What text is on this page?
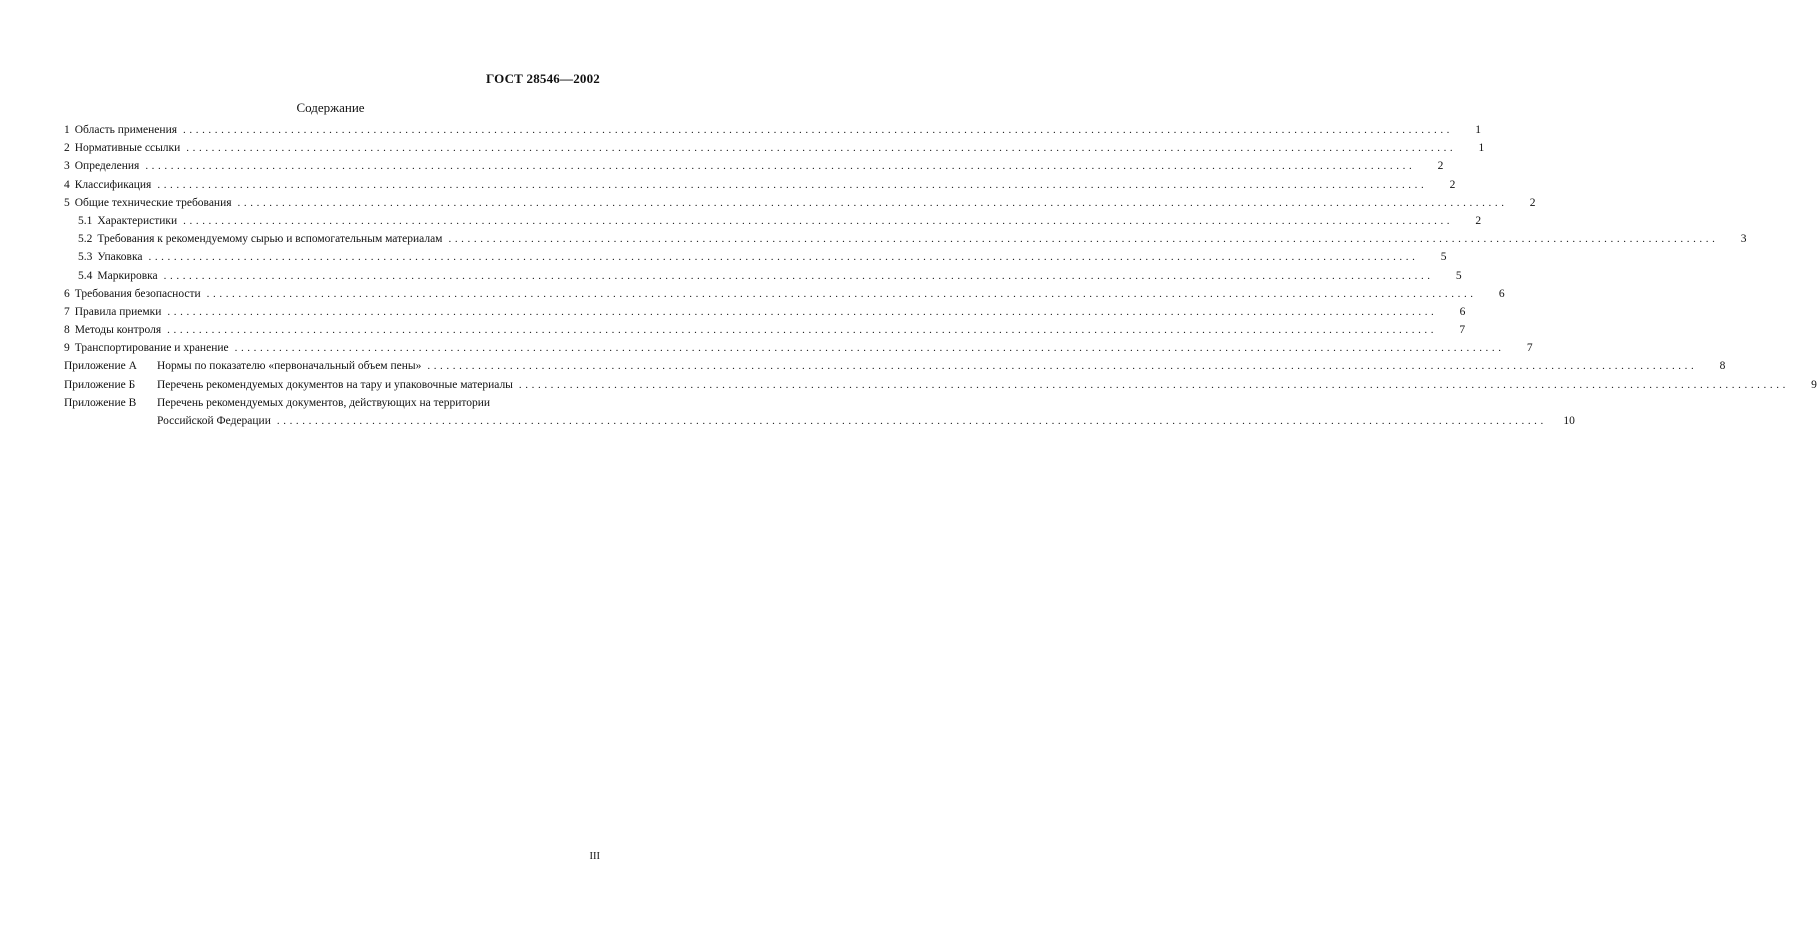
ГОСТ 28546—2002
Содержание
1 Область применения ........................................................................................................................................................................................................	1
2 Нормативные ссылки ........................................................................................................................................................................................................	1
3 Определения ........................................................................................................................................................................................................	2
4 Классификация ........................................................................................................................................................................................................	2
5 Общие технические требования ........................................................................................................................................................................................................	2
5.1 Характеристики ........................................................................................................................................................................................................	2
5.2 Требования к рекомендуемому сырью и вспомогательным материалам ........................................................................................................................................................................................................	3
5.3 Упаковка ........................................................................................................................................................................................................	5
5.4 Маркировка ........................................................................................................................................................................................................	5
6 Требования безопасности ........................................................................................................................................................................................................	6
7 Правила приемки ........................................................................................................................................................................................................	6
8 Методы контроля ........................................................................................................................................................................................................	7
9 Транспортирование и хранение ........................................................................................................................................................................................................	7
Приложение А	Нормы по показателю «первоначальный объем пены» ........................................................................................................................................................................................................	8
Приложение Б	Перечень рекомендуемых документов на тару и упаковочные материалы ........................................................................................................................................................................................................	9
Приложение В	Перечень рекомендуемых документов, действующих на территории
Российской Федерации ........................................................................................................................................................................................................	10
III
